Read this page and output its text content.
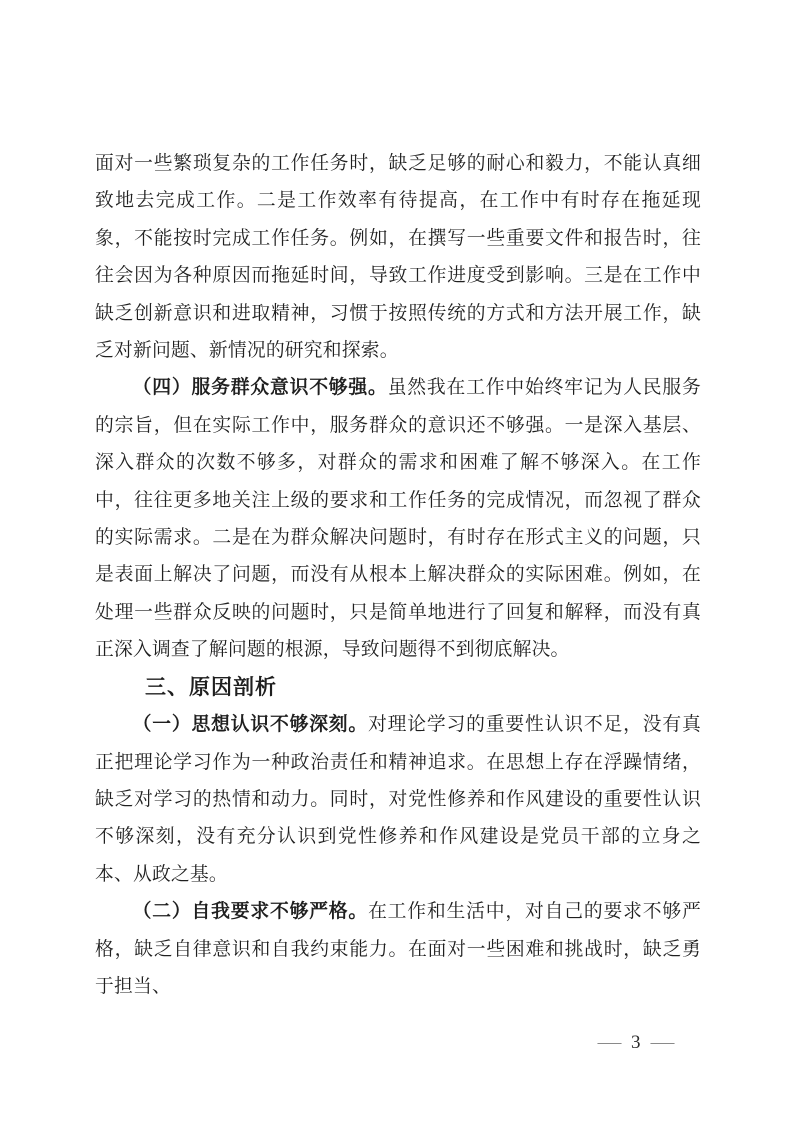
面对一些繁琐复杂的工作任务时，缺乏足够的耐心和毅力，不能认真细致地去完成工作。二是工作效率有待提高，在工作中有时存在拖延现象，不能按时完成工作任务。例如，在撰写一些重要文件和报告时，往往会因为各种原因而拖延时间，导致工作进度受到影响。三是在工作中缺乏创新意识和进取精神，习惯于按照传统的方式和方法开展工作，缺乏对新问题、新情况的研究和探索。

（四）服务群众意识不够强。虽然我在工作中始终牢记为人民服务的宗旨，但在实际工作中，服务群众的意识还不够强。一是深入基层、深入群众的次数不够多，对群众的需求和困难了解不够深入。在工作中，往往更多地关注上级的要求和工作任务的完成情况，而忽视了群众的实际需求。二是在为群众解决问题时，有时存在形式主义的问题，只是表面上解决了问题，而没有从根本上解决群众的实际困难。例如，在处理一些群众反映的问题时，只是简单地进行了回复和解释，而没有真正深入调查了解问题的根源，导致问题得不到彻底解决。

三、原因剖析

（一）思想认识不够深刻。对理论学习的重要性认识不足，没有真正把理论学习作为一种政治责任和精神追求。在思想上存在浮躁情绪，缺乏对学习的热情和动力。同时，对党性修养和作风建设的重要性认识不够深刻，没有充分认识到党性修养和作风建设是党员干部的立身之本、从政之基。

（二）自我要求不够严格。在工作和生活中，对自己的要求不够严格，缺乏自律意识和自我约束能力。在面对一些困难和挑战时，缺乏勇于担当、

— 3 —
